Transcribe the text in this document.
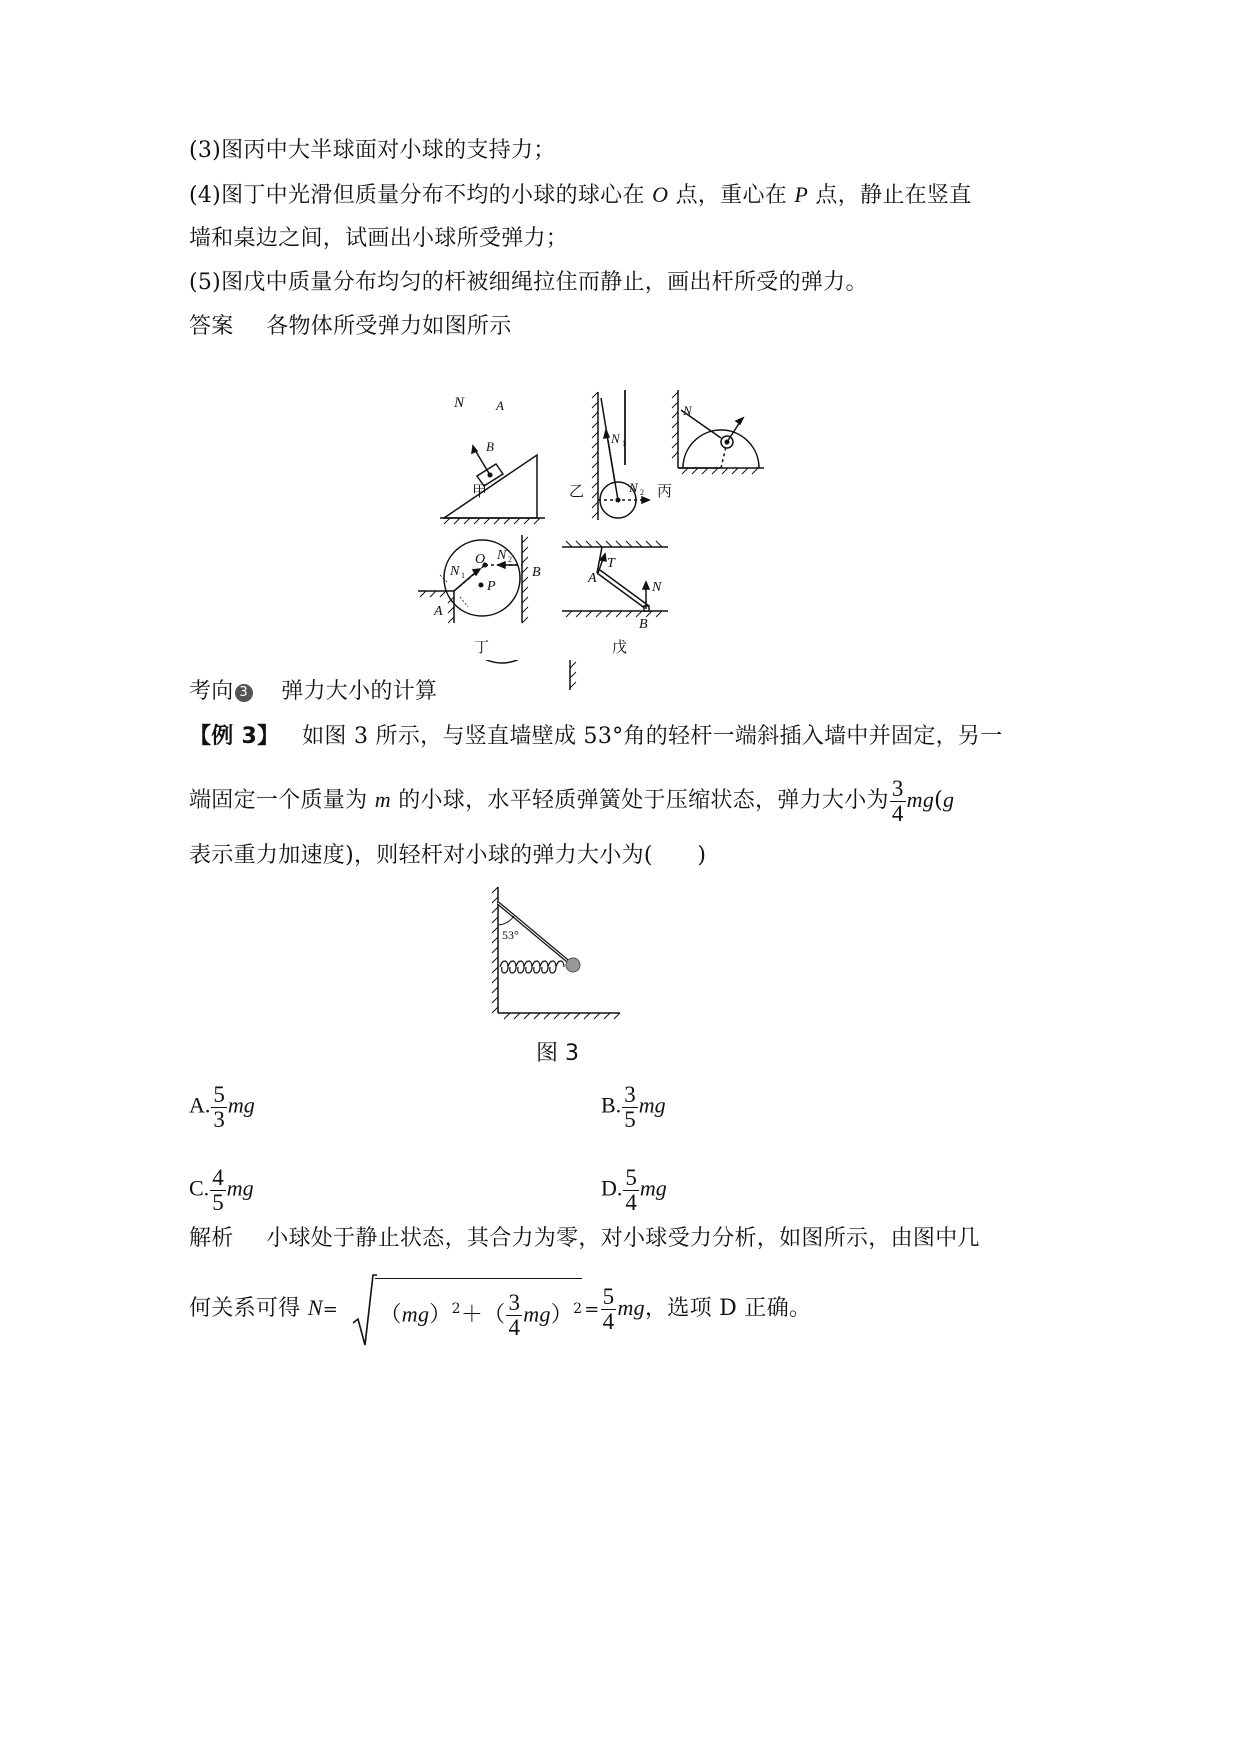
(3)图丙中大半球面对小球的支持力；
(4)图丁中光滑但质量分布不均的小球的球心在 O 点，重心在 P 点，静止在竖直
墙和桌边之间，试画出小球所受弹力；
(5)图戊中质量分布均匀的杆被细绳拉住而静止，画出杆所受的弹力。
答案 各物体所受弹力如图所示
N A
B
N 1
N 2
N
甲	乙	丙
N 1
O N 2
P
B
A
A
T
N
B
丁	戊
考向 3 弹力大小的计算
【例 3】 如图 3 所示，与竖直墙壁成 53°角的轻杆一端斜插入墙中并固定，另一
端固定一个质量为 m 的小球，水平轻质弹簧处于压缩状态，弹力大小为 $\frac{3}{4} mg(g$
表示重力加速度)，则轻杆对小球的弹力大小为(　　)
53°
图 3
A. $\frac{5}{3}$ mg	B. $\frac{3}{5}$ mg
C. $\frac{4}{5}$ mg	D. $\frac{5}{4}$ mg
解析 小球处于静止状态，其合力为零，对小球受力分析，如图所示，由图中几
何关系可得 $N= (mg)^2+( \frac{3}{4} mg)^2 = \frac{5}{4}$ mg，选项 D 正确。
